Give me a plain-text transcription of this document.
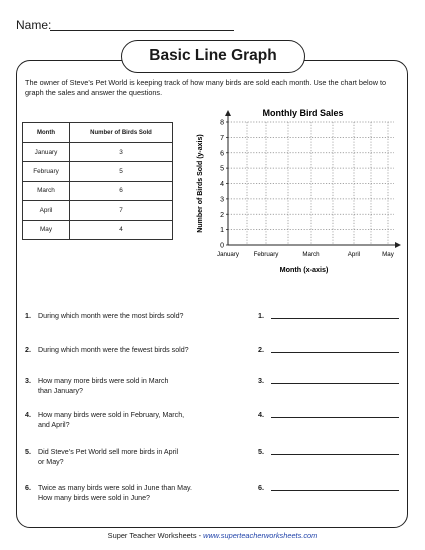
Name:
Basic Line Graph
The owner of Steve’s Pet World is keeping track of how many birds are sold each month. Use the chart below to graph the sales and answer the questions.
Month	Number of Birds Sold
January	3
February	5
March	6
April	7
May	4
Monthly Bird Sales
Number of Birds Sold (y-axis)
Month (x-axis)
0
1
2
3
4
5
6
7
8
January February	March	April	May
1. During which month were the most birds sold?	1.
2. During which month were the fewest birds sold?	2.
3. How many more birds were sold in March
than January?
3.
4. How many birds were sold in February, March,
and April?
4.
5. Did Steve’s Pet World sell more birds in April
or May?
5.
6. Twice as many birds were sold in June than May.
How many birds were sold in June?
6.
Super Teacher Worksheets - www.superteacherworksheets.com
